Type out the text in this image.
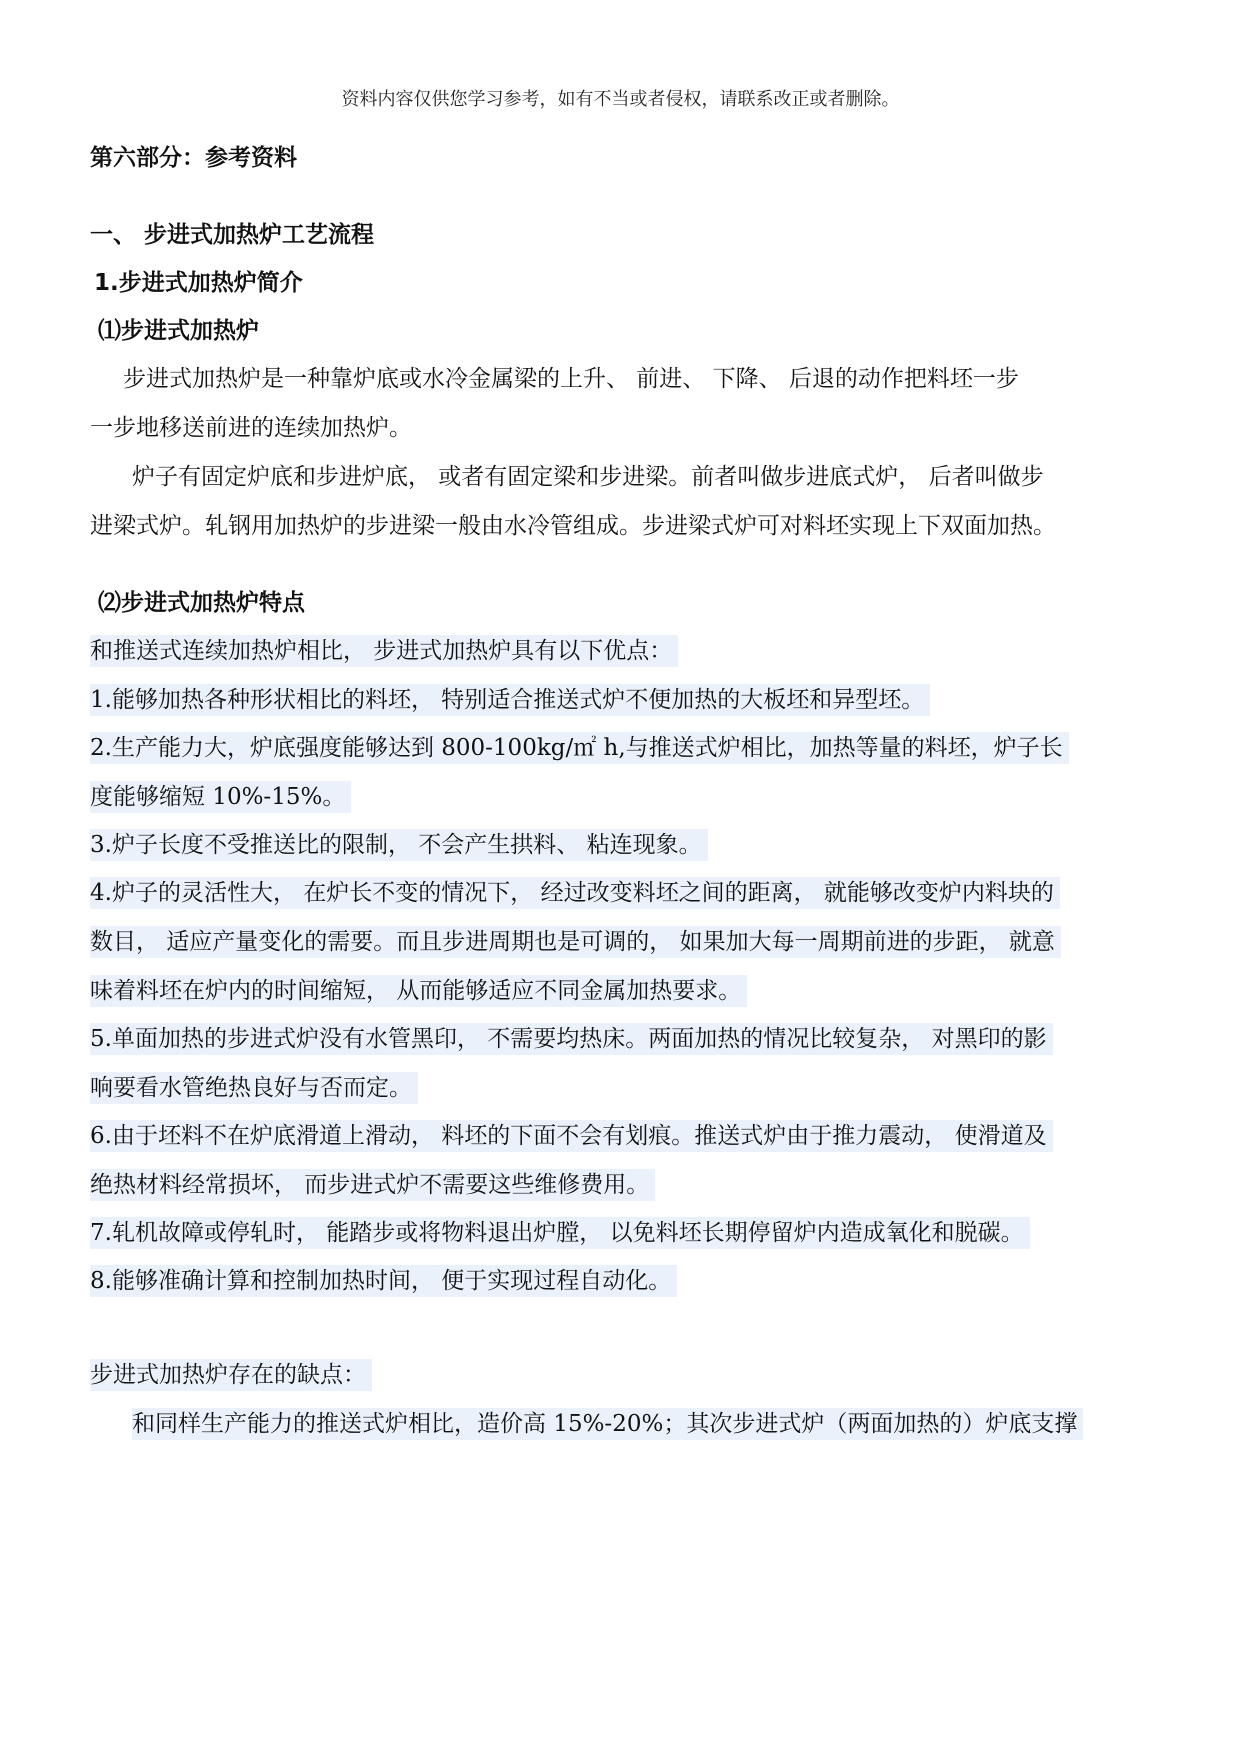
资料内容仅供您学习参考，如有不当或者侵权，请联系改正或者删除。
第六部分：参考资料
一、 步进式加热炉工艺流程
1.步进式加热炉简介
⑴步进式加热炉
步进式加热炉是一种靠炉底或水冷金属梁的上升、 前进、 下降、 后退的动作把料坯一步
一步地移送前进的连续加热炉。
炉子有固定炉底和步进炉底， 或者有固定梁和步进梁。前者叫做步进底式炉， 后者叫做步
进梁式炉。轧钢用加热炉的步进梁一般由水冷管组成。步进梁式炉可对料坯实现上下双面加热。
⑵步进式加热炉特点
和推送式连续加热炉相比， 步进式加热炉具有以下优点：
1.能够加热各种形状相比的料坯， 特别适合推送式炉不便加热的大板坯和异型坯。
2.生产能力大，炉底强度能够达到 800-100kg/㎡ h,与推送式炉相比，加热等量的料坯，炉子长
度能够缩短 10%-15%。
3.炉子长度不受推送比的限制， 不会产生拱料、 粘连现象。
4.炉子的灵活性大， 在炉长不变的情况下， 经过改变料坯之间的距离， 就能够改变炉内料块的
数目， 适应产量变化的需要。而且步进周期也是可调的， 如果加大每一周期前进的步距， 就意
味着料坯在炉内的时间缩短， 从而能够适应不同金属加热要求。
5.单面加热的步进式炉没有水管黑印， 不需要均热床。两面加热的情况比较复杂， 对黑印的影
响要看水管绝热良好与否而定。
6.由于坯料不在炉底滑道上滑动， 料坯的下面不会有划痕。推送式炉由于推力震动， 使滑道及
绝热材料经常损坏， 而步进式炉不需要这些维修费用。
7.轧机故障或停轧时， 能踏步或将物料退出炉膛， 以免料坯长期停留炉内造成氧化和脱碳。
8.能够准确计算和控制加热时间， 便于实现过程自动化。
步进式加热炉存在的缺点：
和同样生产能力的推送式炉相比，造价高 15%-20%；其次步进式炉（两面加热的）炉底支撑
